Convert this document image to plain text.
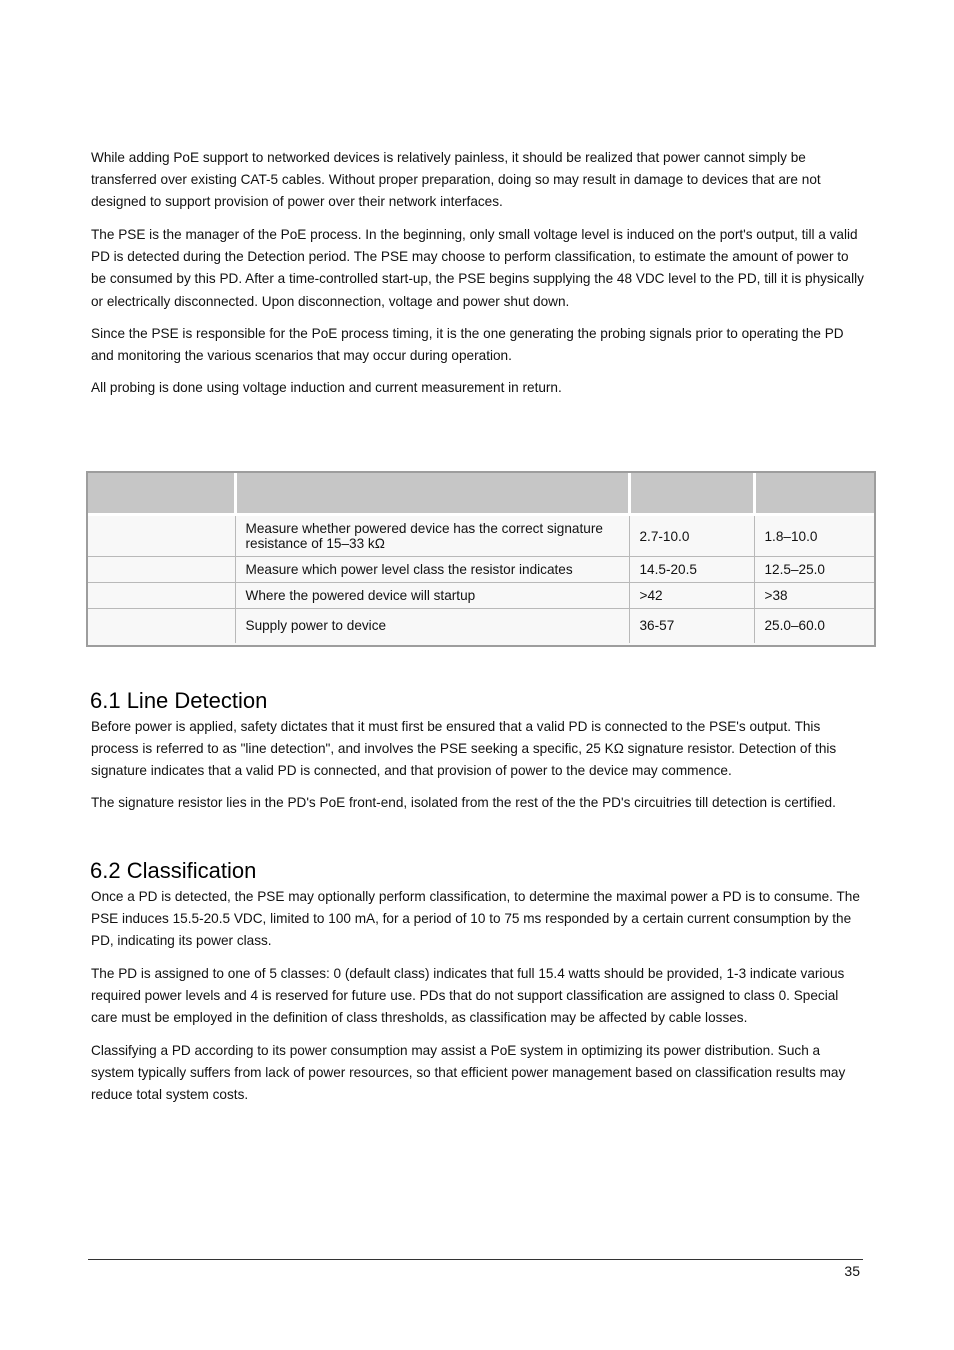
While adding PoE support to networked devices is relatively painless, it should be realized that power cannot simply be transferred over existing CAT-5 cables. Without proper preparation, doing so may result in damage to devices that are not designed to support provision of power over their network interfaces.

The PSE is the manager of the PoE process. In the beginning, only small voltage level is induced on the port's output, till a valid PD is detected during the Detection period. The PSE may choose to perform classification, to estimate the amount of power to be consumed by this PD. After a time-controlled start-up, the PSE begins supplying the 48 VDC level to the PD, till it is physically or electrically disconnected. Upon disconnection, voltage and power shut down.

Since the PSE is responsible for the PoE process timing, it is the one generating the probing signals prior to operating the PD and monitoring the various scenarios that may occur during operation.

All probing is done using voltage induction and current measurement in return.

	Measure whether powered device has the correct signature resistance of 15–33 kΩ	2.7-10.0	1.8–10.0
	Measure which power level class the resistor indicates	14.5-20.5	12.5–25.0
	Where the powered device will startup	>42	>38
	Supply power to device	36-57	25.0–60.0
6.1 Line Detection

Before power is applied, safety dictates that it must first be ensured that a valid PD is connected to the PSE's output. This process is referred to as "line detection", and involves the PSE seeking a specific, 25 KΩ signature resistor. Detection of this signature indicates that a valid PD is connected, and that provision of power to the device may commence.

The signature resistor lies in the PD's PoE front-end, isolated from the rest of the the PD's circuitries till detection is certified.

6.2 Classification

Once a PD is detected, the PSE may optionally perform classification, to determine the maximal power a PD is to consume. The PSE induces 15.5-20.5 VDC, limited to 100 mA, for a period of 10 to 75 ms responded by a certain current consumption by the PD, indicating its power class.

The PD is assigned to one of 5 classes: 0 (default class) indicates that full 15.4 watts should be provided, 1-3 indicate various required power levels and 4 is reserved for future use. PDs that do not support classification are assigned to class 0. Special care must be employed in the definition of class thresholds, as classification may be affected by cable losses.

Classifying a PD according to its power consumption may assist a PoE system in optimizing its power distribution. Such a system typically suffers from lack of power resources, so that efficient power management based on classification results may reduce total system costs.

35
